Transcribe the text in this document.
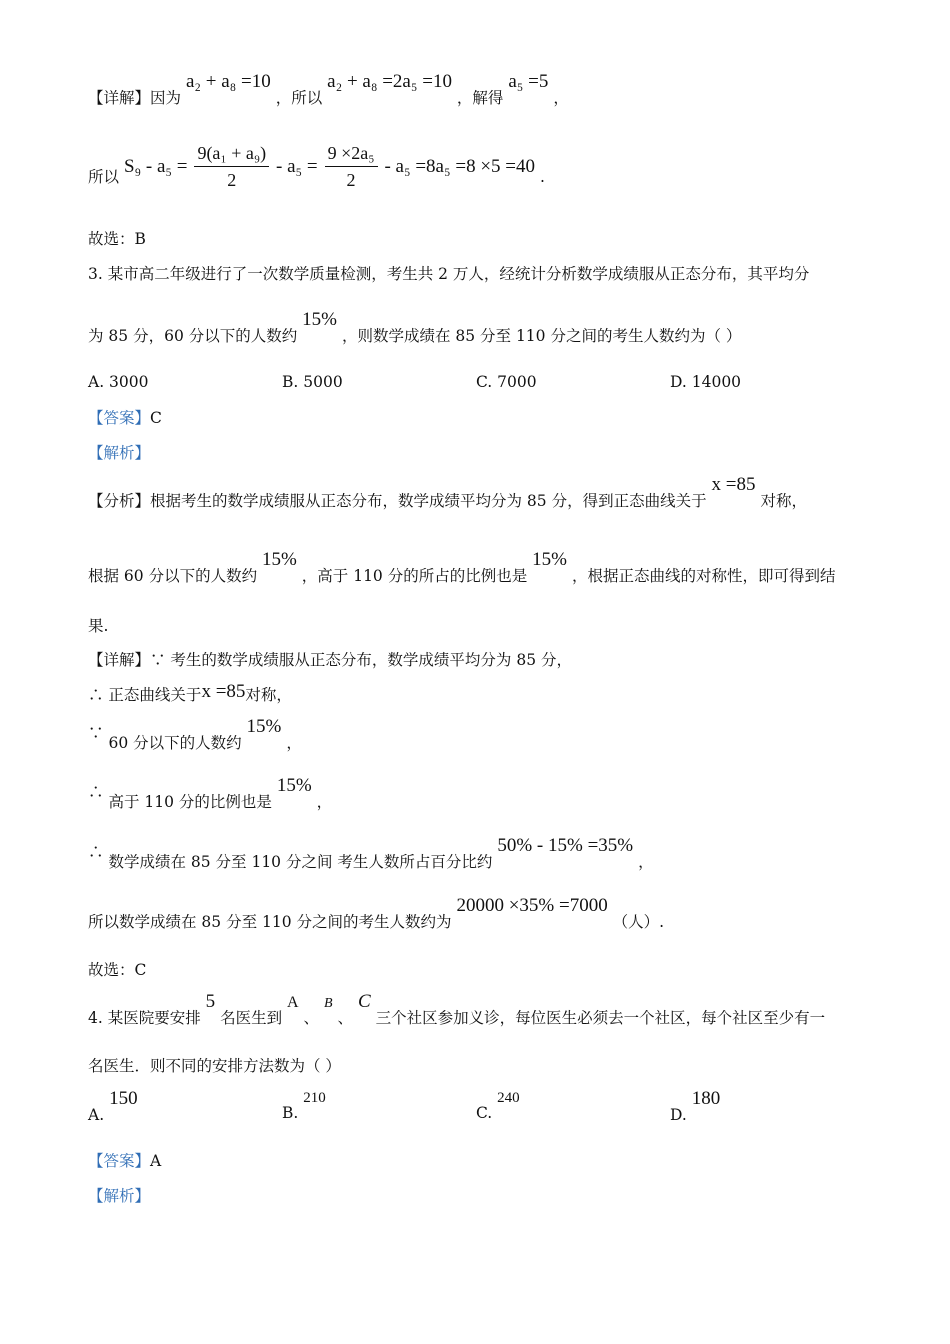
【详解】因为 a₂ + a₈ =10 ，所以 a₂ + a₈ =2a₅ =10 ，解得 a₅ =5 ，
所以 $S_9 - a_5 = \frac{\text{9(a₁ + a₉)}}{2} - a_5 = \frac{\text{9 ×2a₅}}{2} - a_5 =8a_5 =8 \times 5 =40$ .
故选：B
3. 某市高二年级进行了一次数学质量检测，考生共 2 万人，经统计分析数学成绩服从正态分布，其平均分
为 85 分，60 分以下的人数约 15% ，则数学成绩在 85 分至 110 分之间的考生人数约为（ ）
A. 3000	B. 5000	C. 7000	D. 14000
【答案】C
【解析】
【分析】根据考生的数学成绩服从正态分布，数学成绩平均分为 85 分，得到正态曲线关于 x =85 对称，
根据 60 分以下的人数约 15% ，高于 110 分的所占的比例也是 15% ，根据正态曲线的对称性，即可得到结
果.
【详解】∵ 考生的数学成绩服从正态分布，数学成绩平均分为 85 分，
∴ 正态曲线关于x =85对称，
∵ 60 分以下的人数约 15% ，
∴ 高于 110 分的比例也是 15% ，
∴ 数学成绩在 85 分至 110 分之间 考生人数所占百分比约 50% - 15% =35% ，
所以数学成绩在 85 分至 110 分之间的考生人数约为 20000 ×35% =7000 （人）.
故选：C
4. 某医院要安排 5 名医生到 A 、 B 、 C 三个社区参加义诊，每位医生必须去一个社区，每个社区至少有一
名医生．则不同的安排方法数为（ ）
A. 150
B. 210
C. 240
D. 180
【答案】A
【解析】
